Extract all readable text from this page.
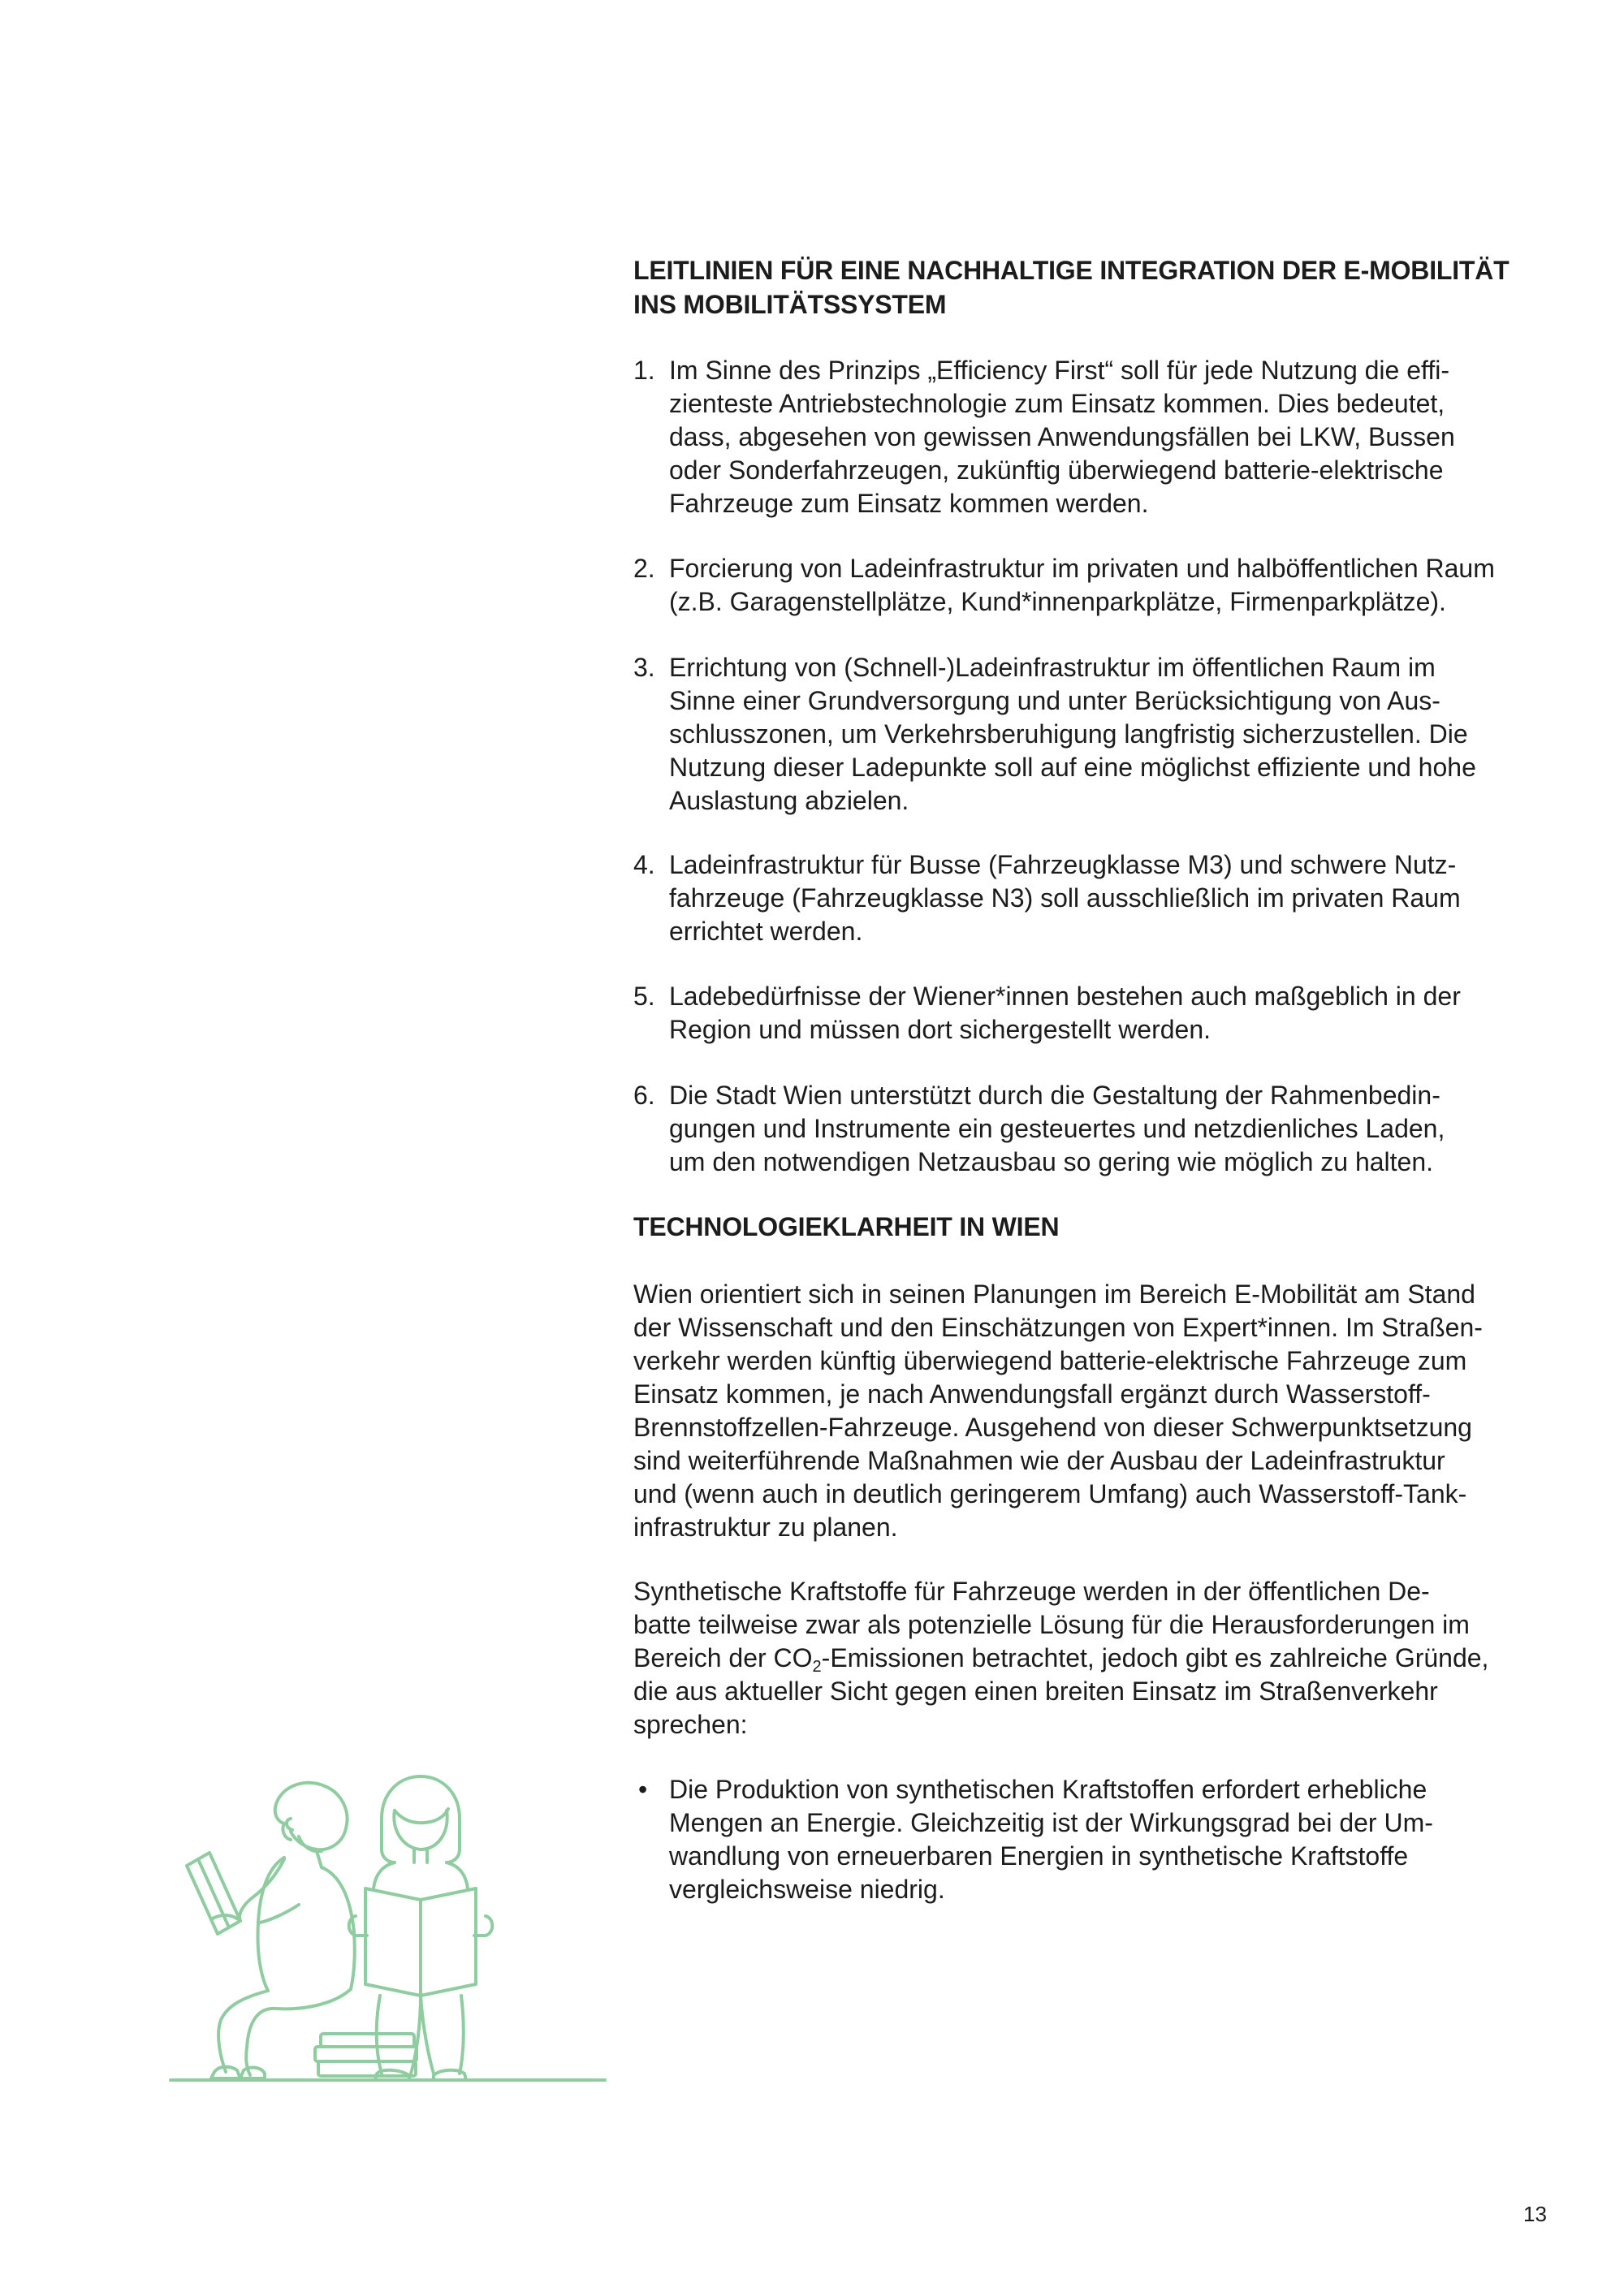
LEITLINIEN FÜR EINE NACHHALTIGE INTEGRATION DER E-MOBILITÄT

INS MOBILITÄTSSYSTEM

1. Im Sinne des Prinzips „Efficiency First“ soll für jede Nutzung die effi-
zienteste Antriebstechnologie zum Einsatz kommen. Dies bedeutet,
dass, abgesehen von gewissen Anwendungsfällen bei LKW, Bussen
oder Sonderfahrzeugen, zukünftig überwiegend batterie-elektrische
Fahrzeuge zum Einsatz kommen werden.
2. Forcierung von Ladeinfrastruktur im privaten und halböffentlichen Raum
(z.B. Garagenstellplätze, Kund*innenparkplätze, Firmenparkplätze).
3. Errichtung von (Schnell-)Ladeinfrastruktur im öffentlichen Raum im
Sinne einer Grundversorgung und unter Berücksichtigung von Aus-
schlusszonen, um Verkehrsberuhigung langfristig sicherzustellen. Die
Nutzung dieser Ladepunkte soll auf eine möglichst effiziente und hohe
Auslastung abzielen.
4. Ladeinfrastruktur für Busse (Fahrzeugklasse M3) und schwere Nutz-
fahrzeuge (Fahrzeugklasse N3) soll ausschließlich im privaten Raum
errichtet werden.
5. Ladebedürfnisse der Wiener*innen bestehen auch maßgeblich in der
Region und müssen dort sichergestellt werden.
6. Die Stadt Wien unterstützt durch die Gestaltung der Rahmenbedin-
gungen und Instrumente ein gesteuertes und netzdienliches Laden,
um den notwendigen Netzausbau so gering wie möglich zu halten.

TECHNOLOGIEKLARHEIT IN WIEN

Wien orientiert sich in seinen Planungen im Bereich E-Mobilität am Stand

der Wissenschaft und den Einschätzungen von Expert*innen. Im Straßen-

verkehr werden künftig überwiegend batterie-elektrische Fahrzeuge zum

Einsatz kommen, je nach Anwendungsfall ergänzt durch Wasserstoff-

Brennstoffzellen-Fahrzeuge. Ausgehend von dieser Schwerpunktsetzung

sind weiterführende Maßnahmen wie der Ausbau der Ladeinfrastruktur

und (wenn auch in deutlich geringerem Umfang) auch Wasserstoff-Tank-

infrastruktur zu planen.

Synthetische Kraftstoffe für Fahrzeuge werden in der öffentlichen De-

batte teilweise zwar als potenzielle Lösung für die Herausforderungen im

Bereich der $CO_2$-Emissionen betrachtet, jedoch gibt es zahlreiche Gründe,

die aus aktueller Sicht gegen einen breiten Einsatz im Straßenverkehr

sprechen:

• Die Produktion von synthetischen Kraftstoffen erfordert erhebliche
Mengen an Energie. Gleichzeitig ist der Wirkungsgrad bei der Um-
wandlung von erneuerbaren Energien in synthetische Kraftstoffe
vergleichsweise niedrig.
13
